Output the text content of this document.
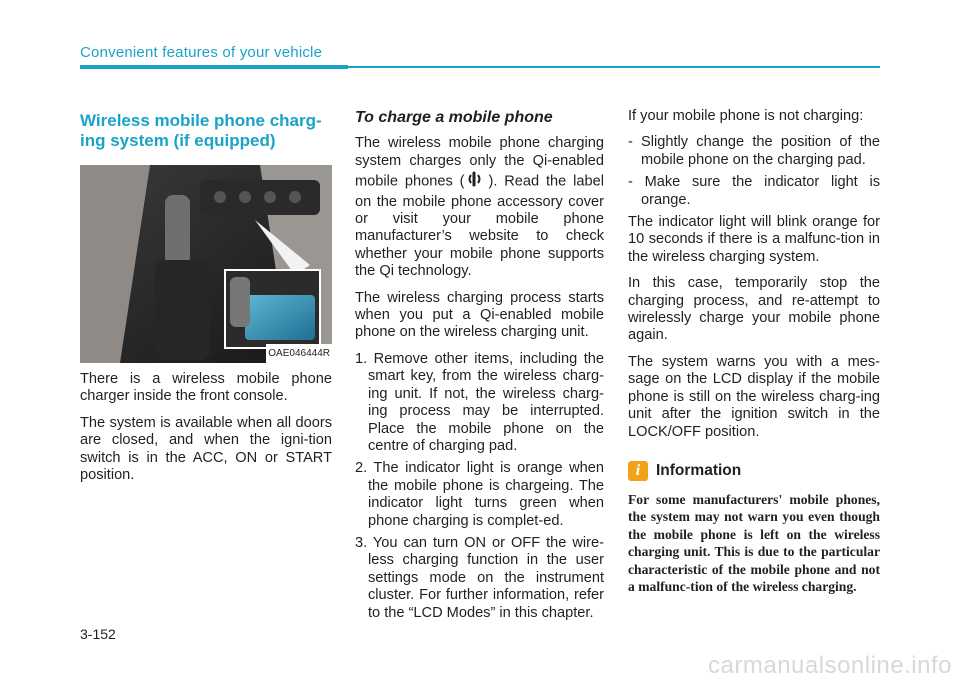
Convenient features of your vehicle
Wireless mobile phone charg-ing system (if equipped)
OAE046444R

There is a wireless mobile phone charger inside the front console.

The system is available when all doors are closed, and when the igni-tion switch is in the ACC, ON or START position.

To charge a mobile phone

The wireless mobile phone charging system charges only the Qi-enabled mobile phones ( ). Read the label on the mobile phone accessory cover or visit your mobile phone manufacturer’s website to check whether your mobile phone supports the Qi technology.

The wireless charging process starts when you put a Qi-enabled mobile phone on the wireless charging unit.

1. Remove other items, including the smart key, from the wireless charg-ing unit. If not, the wireless charg-ing process may be interrupted. Place the mobile phone on the centre of charging pad.
2. The indicator light is orange when the mobile phone is chargeing. The indicator light turns green when phone charging is complet-ed.
3. You can turn ON or OFF the wire-less charging function in the user settings mode on the instrument cluster. For further information, refer to the “LCD Modes” in this chapter.

If your mobile phone is not charging:

- Slightly change the position of the mobile phone on the charging pad.
- Make sure the indicator light is orange.

The indicator light will blink orange for 10 seconds if there is a malfunc-tion in the wireless charging system.

In this case, temporarily stop the charging process, and re-attempt to wirelessly charge your mobile phone again.

The system warns you with a mes-sage on the LCD display if the mobile phone is still on the wireless charg-ing unit after the ignition switch in the LOCK/OFF position.

i	Information
For some manufacturers' mobile phones, the system may not warn you even though the mobile phone is left on the wireless charging unit. This is due to the particular characteristic of the mobile phone and not a malfunc-tion of the wireless charging.
3-152
carmanualsonline.info
